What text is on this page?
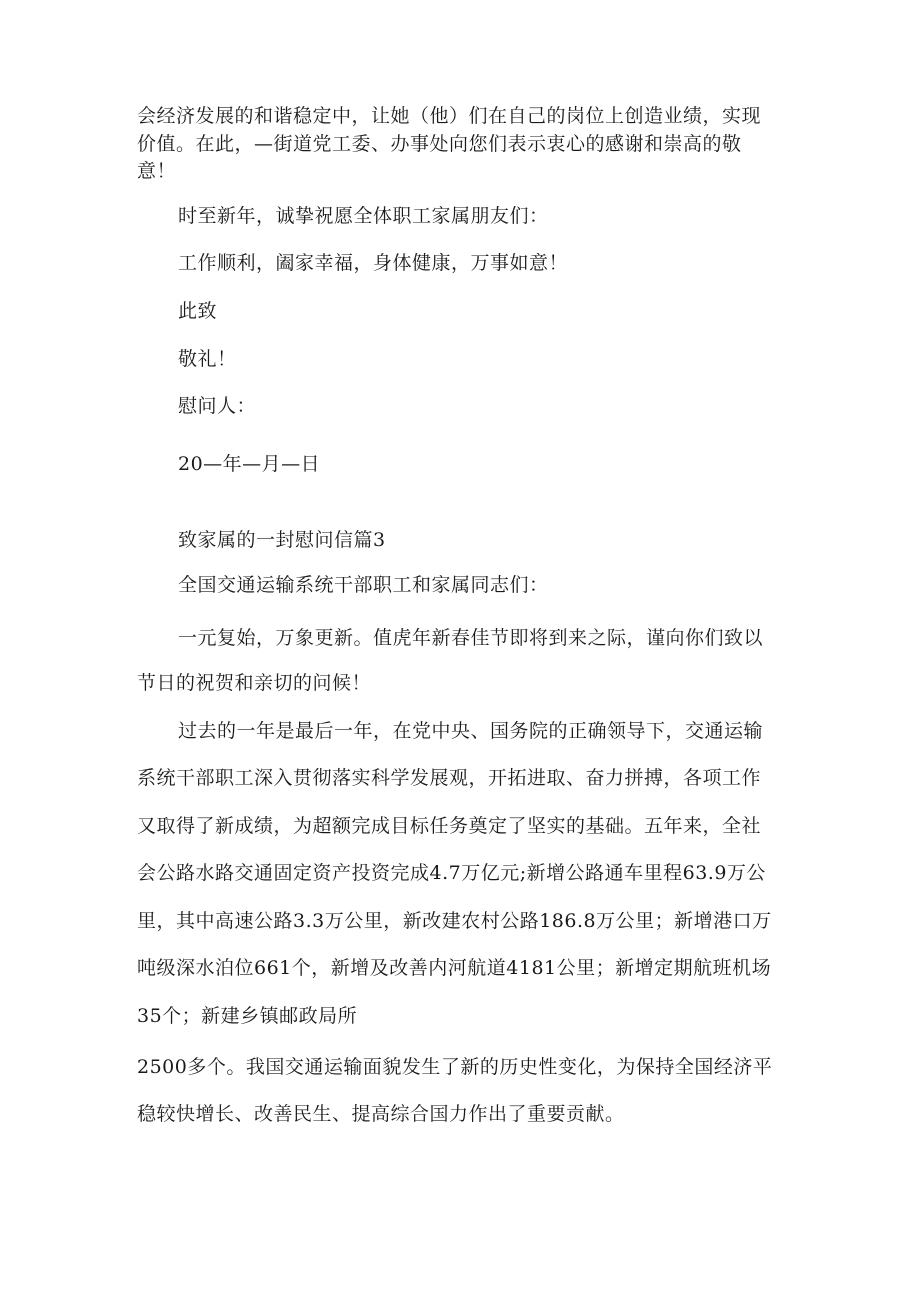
会经济发展的和谐稳定中，让她（他）们在自己的岗位上创造业绩，实现

价值。在此，—街道党工委、办事处向您们表示衷心的感谢和崇高的敬

意！

时至新年，诚挚祝愿全体职工家属朋友们：

工作顺利，阖家幸福，身体健康，万事如意！

此致

敬礼！

慰问人：

20—年—月—日

致家属的一封慰问信篇3

全国交通运输系统干部职工和家属同志们：

一元复始，万象更新。值虎年新春佳节即将到来之际，谨向你们致以

节日的祝贺和亲切的问候！

过去的一年是最后一年，在党中央、国务院的正确领导下，交通运输

系统干部职工深入贯彻落实科学发展观，开拓进取、奋力拼搏，各项工作

又取得了新成绩，为超额完成目标任务奠定了坚实的基础。五年来，全社

会公路水路交通固定资产投资完成4.7万亿元;新增公路通车里程63.9万公

里，其中高速公路3.3万公里，新改建农村公路186.8万公里；新增港口万

吨级深水泊位661个，新增及改善内河航道4181公里；新增定期航班机场

35个；新建乡镇邮政局所

2500多个。我国交通运输面貌发生了新的历史性变化，为保持全国经济平

稳较快增长、改善民生、提高综合国力作出了重要贡献。
